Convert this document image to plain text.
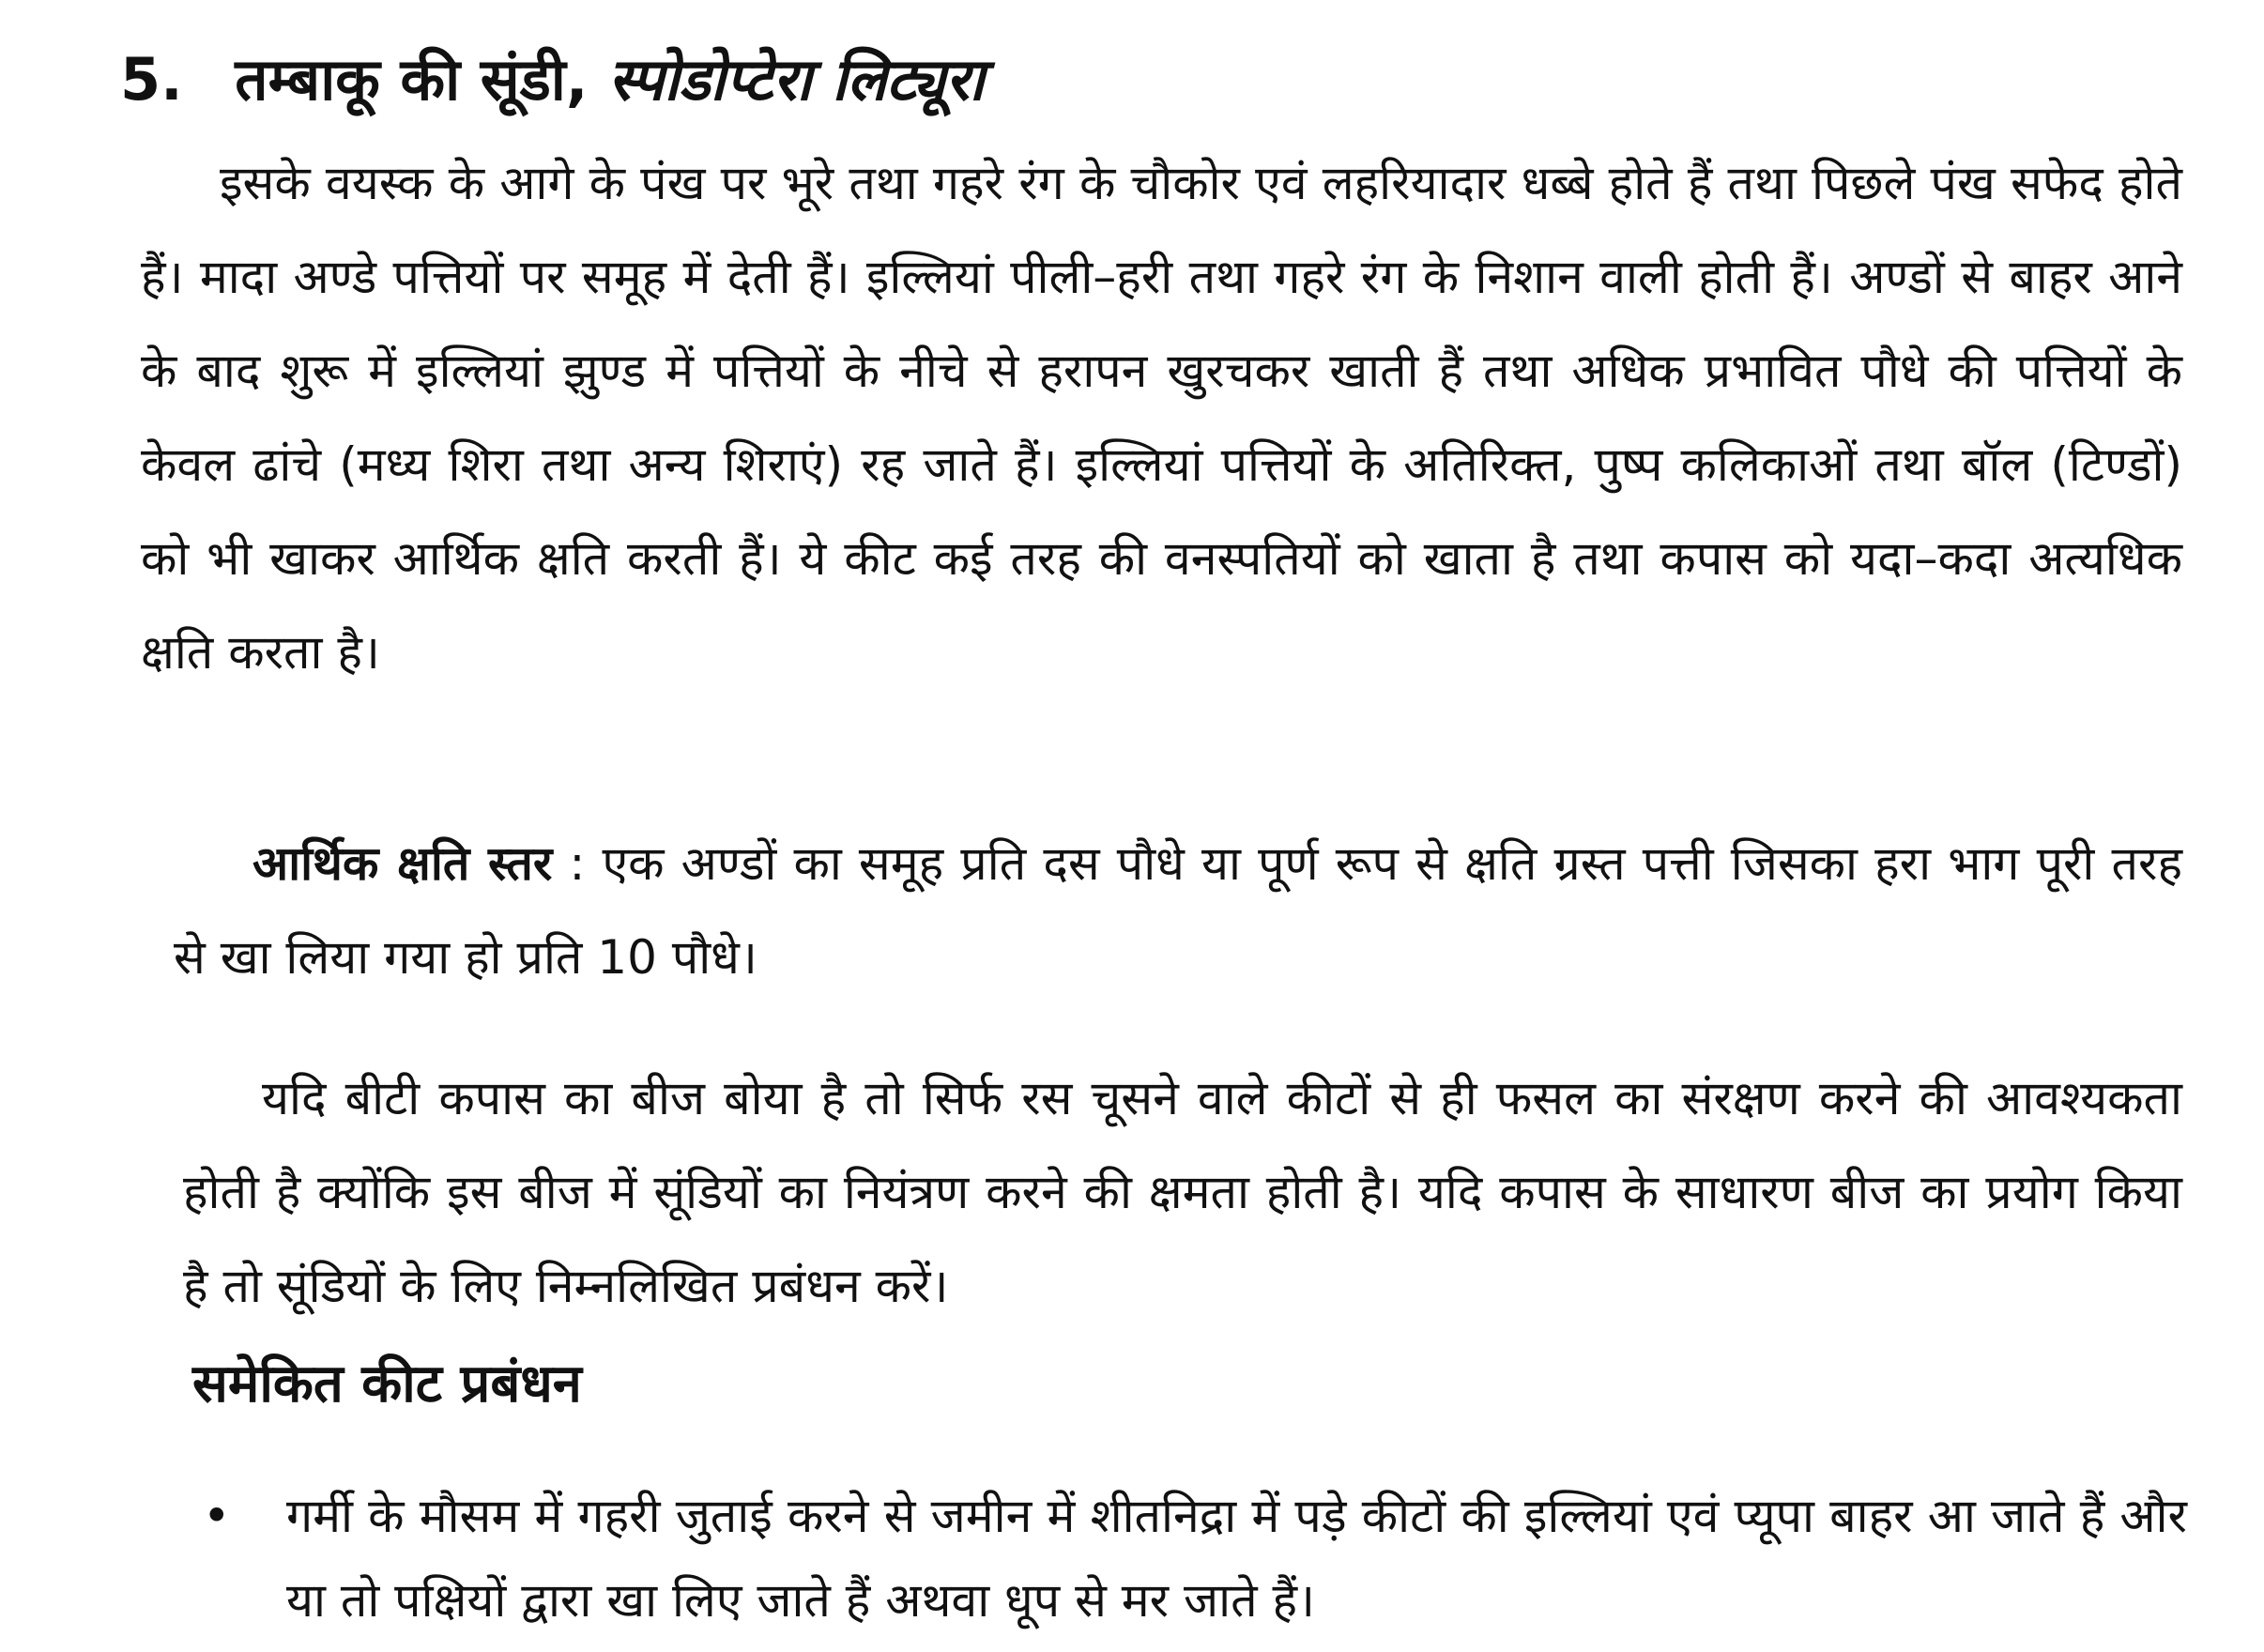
5. तम्बाकू की सूंडी, स्पोडोप्टेरा लिट्यूरा

इसके वयस्क के आगे के पंख पर भूरे तथा गहरे रंग के चौकोर एवं लहरियादार धब्बे होते हैं तथा पिछले पंख सफेद होते हैं। मादा अण्डे पत्तियों पर समूह में देती हैं। इल्लियां पीली–हरी तथा गहरे रंग के निशान वाली होती हैं। अण्डों से बाहर आने के बाद शुरू में इल्लियां झुण्ड में पत्तियों के नीचे से हरापन खुरचकर खाती हैं तथा अधिक प्रभावित पौधे की पत्तियों के केवल ढांचे (मध्य शिरा तथा अन्य शिराएं) रह जाते हैं। इल्लियां पत्तियों के अतिरिक्त, पुष्प कलिकाओं तथा बॉल (टिण्डों) को भी खाकर आर्थिक क्षति करती हैं। ये कीट कई तरह की वनस्पतियों को खाता है तथा कपास को यदा–कदा अत्यधिक क्षति करता है।

आर्थिक क्षति स्तर : एक अण्डों का समूह प्रति दस पौधे या पूर्ण रूप से क्षति ग्रस्त पत्ती जिसका हरा भाग पूरी तरह से खा लिया गया हो प्रति 10 पौधे।

यदि बीटी कपास का बीज बोया है तो सिर्फ रस चूसने वाले कीटों से ही फसल का संरक्षण करने की आवश्यकता होती है क्योंकि इस बीज में सूंडियों का नियंत्रण करने की क्षमता होती है। यदि कपास के साधारण बीज का प्रयोग किया है तो सूंडियों के लिए निम्नलिखित प्रबंधन करें।

समेकित कीट प्रबंधन
• गर्मी के मौसम में गहरी जुताई करने से जमीन में शीतनिद्रा में पड़े कीटों की इल्लियां एवं प्यूपा बाहर आ जाते हैं और या तो पक्षियों द्वारा खा लिए जाते हैं अथवा धूप से मर जाते हैं।
